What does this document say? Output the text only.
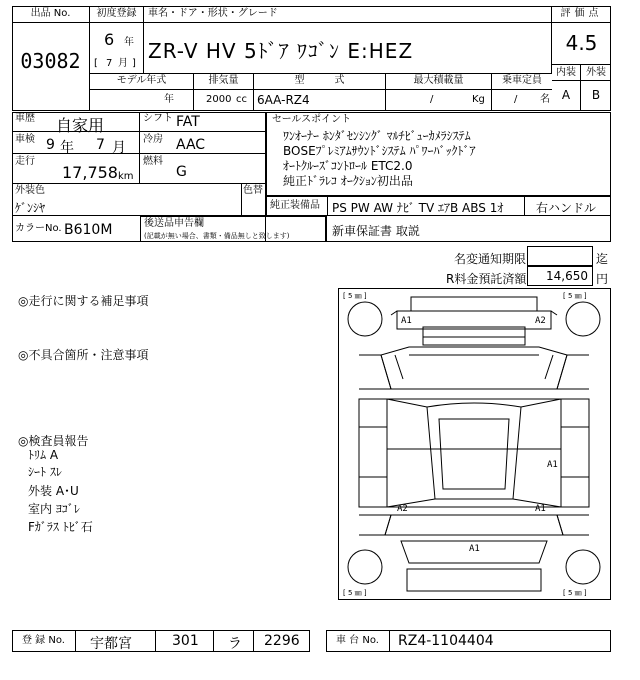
出品 No.
03082
初度登録
6 年
[ 7 月 ]
車名・ドア・形状・グレード
ZR-V HV 5ﾄﾞｱ ﾜｺﾞﾝ E:HEZ
評価点
4.5
内装	外装
A	B
モデル年式
年
排気量
2000 cc
型　　　式
6AA-RZ4
最大積載量
/	Kg
乗車定員
/ 名
車歴 自家用
車検 9 年 7 月
走行
17,758 km
シフト FAT
冷房 AAC
燃料
G
外装色
ｹﾞﾝｼﾔ
色替
カラーNo. B610M	後送品申告欄
(記載が無い場合、書類・備品無しと致します)
セールスポイント
ﾜﾝｵｰﾅｰ ﾎﾝﾀﾞｾﾝｼﾝｸﾞ ﾏﾙﾁﾋﾞｭｰｶﾒﾗｼｽﾃﾑ
BOSEﾌﾟﾚﾐｱﾑｻｳﾝﾄﾞｼｽﾃﾑ ﾊﾟﾜｰﾊﾞｯｸﾄﾞｱ
ｵｰﾄｸﾙｰｽﾞｺﾝﾄﾛｰﾙ ETC2.0
純正ﾄﾞﾗﾚｺ ｵｰｸｼｮﾝ初出品
純正装備品 PS PW AW ﾅﾋﾞ TV ｴｱB ABS 1ｵ	右ハンドル
新車保証書 取説
名変通知期限	迄
R料金預託済額	14,650 円
◎走行に関する補足事項
◎不具合箇所・注意事項
◎検査員報告
ﾄﾘﾑ A
ｼｰﾄ ｽﾚ
外装 A･U
室内 ﾖｺﾞﾚ
Fｶﾞﾗｽ ﾄﾋﾞ石
[ 5 ㎜ ]	[ 5 ㎜ ]
[ 5 ㎜ ]	[ 5 ㎜ ]
A1	A2
A1
A2	A1
A1
登 録 No. 宇都宮	301 ラ 2296	車 台 No. RZ4-1104404
